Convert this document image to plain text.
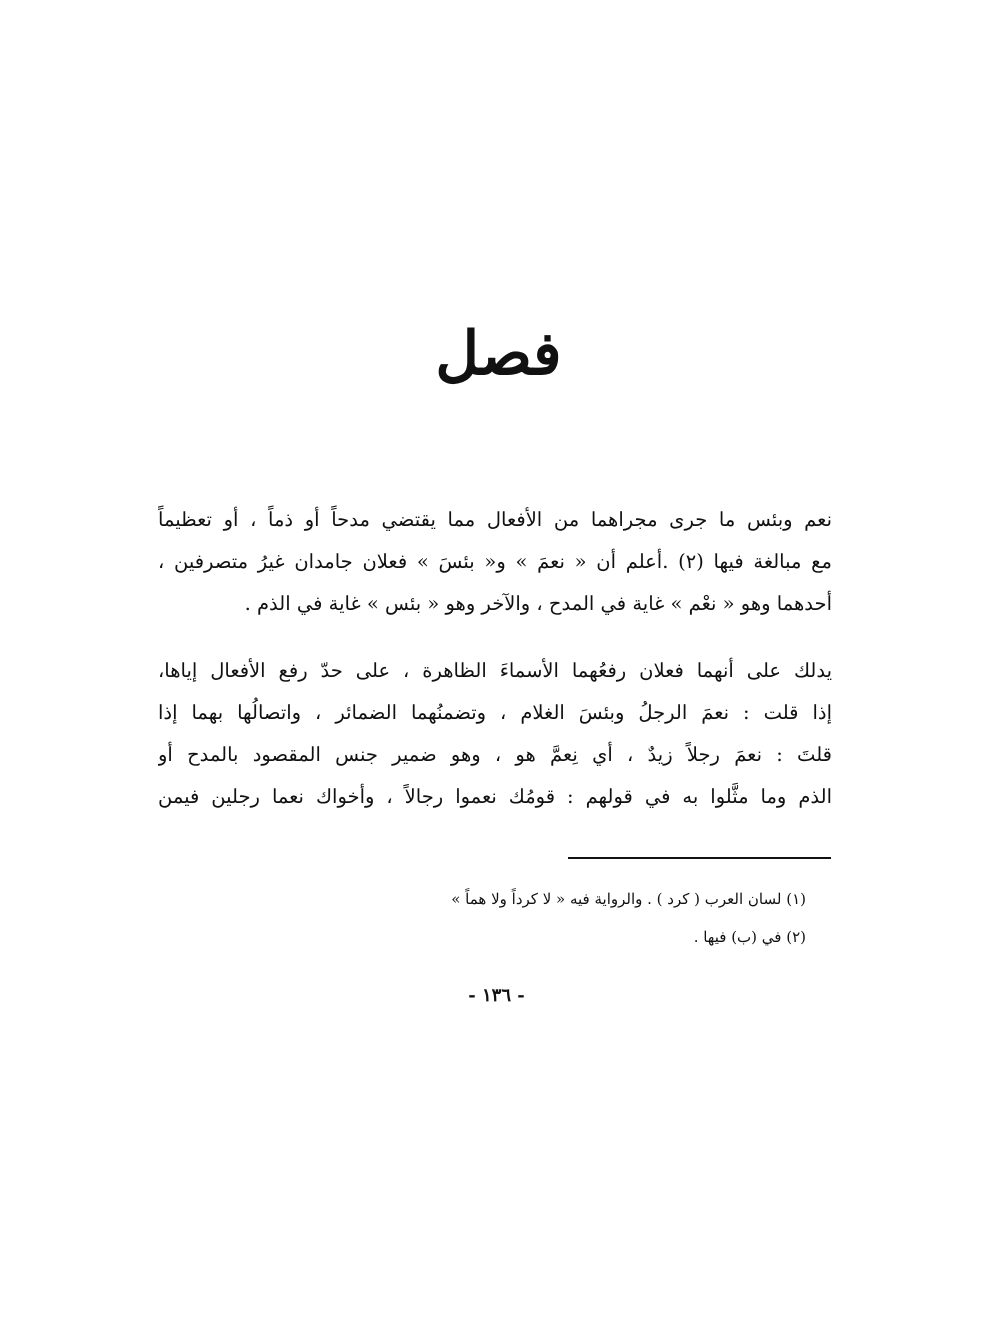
فصل
نعم وبئس ما جرى مجراهما من الأفعال مما يقتضي مدحاً أو ذماً ، أو تعظيماً
مع مبالغة فيها (٢) .أعلم أن « نعمَ » و« بئسَ » فعلان جامدان غيرُ متصرفين ،
أحدهما وهو « نعْم » غاية في المدح ، والآخر وهو « بئس » غاية في الذم .
يدلك على أنهما فعلان رفعُهما الأسماءَ الظاهرة ، على حدّ رفع الأفعال إياها،
إذا قلت : نعمَ الرجلُ وبئسَ الغلام ، وتضمنُهما الضمائر ، واتصالُها بهما إذا
قلتَ : نعمَ رجلاً زيدٌ ، أي نِعمَّ هو ، وهو ضمير جنس المقصود بالمدح أو
الذم وما مثَّلوا به في قولهم : قومُك نعموا رجالاً ، وأخواك نعما رجلين فيمن
(١) لسان العرب ( كرد ) . والرواية فيه « لا كرداً ولا هماً »
(٢) في (ب) فيها .
- ١٣٦ -
